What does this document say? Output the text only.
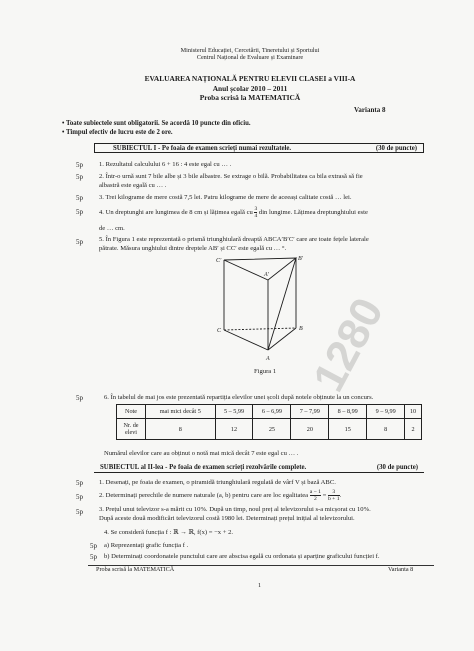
1280
Ministerul Educației, Cercetării, Tineretului și Sportului
Centrul Național de Evaluare și Examinare
EVALUAREA NAȚIONALĂ PENTRU ELEVII CLASEI a VIII-A
Anul școlar 2010 – 2011
Proba scrisă la MATEMATICĂ
Varianta 8
• Toate subiectele sunt obligatorii. Se acordă 10 puncte din oficiu.
• Timpul efectiv de lucru este de 2 ore.
SUBIECTUL I - Pe foaia de examen scrieți numai rezultatele.	(30 de puncte)
5p 1. Rezultatul calculului 6 + 16 : 4 este egal cu … .
5p 2. Într-o urnă sunt 7 bile albe și 3 bile albastre. Se extrage o bilă. Probabilitatea ca bila extrasă să fie
albastră este egală cu … .
5p 3. Trei kilograme de mere costă 7,5 lei. Patru kilograme de mere de aceeași calitate costă … lei.
5p 4. Un dreptunghi are lungimea de 8 cm și lățimea egală cu $\frac{3}{4}$ din lungime. Lățimea dreptunghiului este
de … cm.
5p 5. În Figura 1 este reprezentată o prismă triunghiulară dreaptă ABCA′B′C′ care are toate fețele laterale
pătrate. Măsura unghiului dintre dreptele AB′ și CC′ este egală cu … °.
C′	B′
A′
C	B
A
Figura 1
5p	6. În tabelul de mai jos este prezentată repartiția elevilor unei școli după notele obținute la un concurs.
Note	mai mici decât 5	5 – 5,99	6 – 6,99	7 – 7,99	8 – 8,99	9 – 9,99	10
Nr. de elevi	8	12	25	20	15	8	2
Numărul elevilor care au obținut o notă mai mică decât 7 este egal cu … .
SUBIECTUL al II-lea - Pe foaia de examen scrieți rezolvările complete.	(30 de puncte)
5p 1. Desenați, pe foaia de examen, o piramidă triunghiulară regulată de vârf V și bază ABC.
5p 2. Determinați perechile de numere naturale (a, b) pentru care are loc egalitatea $\frac{a - 1}{2} = \frac{3}{b + 1}$ .
5p 3. Prețul unui televizor s-a mărit cu 10%. După un timp, noul preț al televizorului s-a micșorat cu 10%.
După aceste două modificări televizorul costă 1980 lei. Determinați prețul inițial al televizorului.
4. Se consideră funcția f : ℝ → ℝ, f(x) = −x + 2.
5p a) Reprezentați grafic funcția f .
5p b) Determinați coordonatele punctului care are abscisa egală cu ordonata și aparține graficului funcției f.
Proba scrisă la MATEMATICĂ	Varianta 8
1
